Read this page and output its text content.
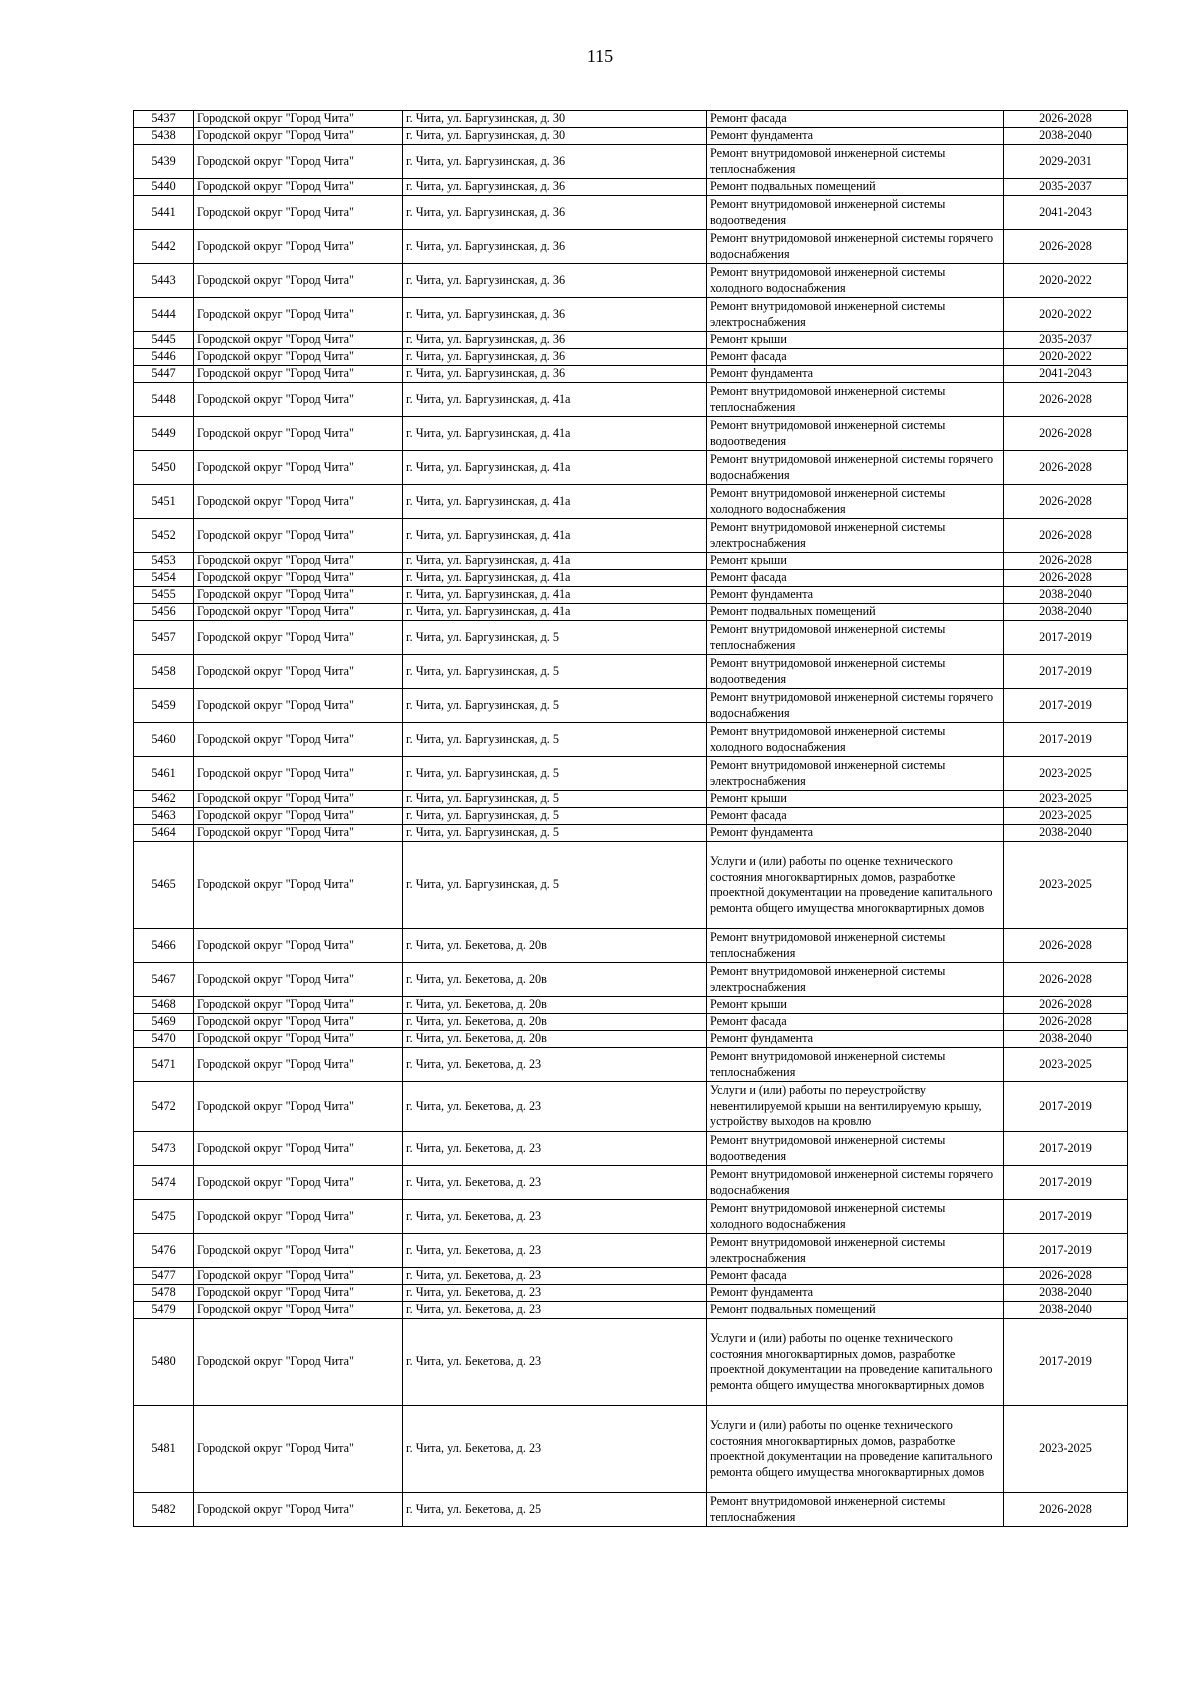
115
5437	Городской округ "Город Чита"	г. Чита, ул. Баргузинская, д. 30	Ремонт фасада	2026-2028
5438	Городской округ "Город Чита"	г. Чита, ул. Баргузинская, д. 30	Ремонт фундамента	2038-2040
5439	Городской округ "Город Чита"	г. Чита, ул. Баргузинская, д. 36	Ремонт внутридомовой инженерной системы теплоснабжения	2029-2031
5440	Городской округ "Город Чита"	г. Чита, ул. Баргузинская, д. 36	Ремонт подвальных помещений	2035-2037
5441	Городской округ "Город Чита"	г. Чита, ул. Баргузинская, д. 36	Ремонт внутридомовой инженерной системы водоотведения	2041-2043
5442	Городской округ "Город Чита"	г. Чита, ул. Баргузинская, д. 36	Ремонт внутридомовой инженерной системы горячего водоснабжения	2026-2028
5443	Городской округ "Город Чита"	г. Чита, ул. Баргузинская, д. 36	Ремонт внутридомовой инженерной системы холодного водоснабжения	2020-2022
5444	Городской округ "Город Чита"	г. Чита, ул. Баргузинская, д. 36	Ремонт внутридомовой инженерной системы электроснабжения	2020-2022
5445	Городской округ "Город Чита"	г. Чита, ул. Баргузинская, д. 36	Ремонт крыши	2035-2037
5446	Городской округ "Город Чита"	г. Чита, ул. Баргузинская, д. 36	Ремонт фасада	2020-2022
5447	Городской округ "Город Чита"	г. Чита, ул. Баргузинская, д. 36	Ремонт фундамента	2041-2043
5448	Городской округ "Город Чита"	г. Чита, ул. Баргузинская, д. 41а	Ремонт внутридомовой инженерной системы теплоснабжения	2026-2028
5449	Городской округ "Город Чита"	г. Чита, ул. Баргузинская, д. 41а	Ремонт внутридомовой инженерной системы водоотведения	2026-2028
5450	Городской округ "Город Чита"	г. Чита, ул. Баргузинская, д. 41а	Ремонт внутридомовой инженерной системы горячего водоснабжения	2026-2028
5451	Городской округ "Город Чита"	г. Чита, ул. Баргузинская, д. 41а	Ремонт внутридомовой инженерной системы холодного водоснабжения	2026-2028
5452	Городской округ "Город Чита"	г. Чита, ул. Баргузинская, д. 41а	Ремонт внутридомовой инженерной системы электроснабжения	2026-2028
5453	Городской округ "Город Чита"	г. Чита, ул. Баргузинская, д. 41а	Ремонт крыши	2026-2028
5454	Городской округ "Город Чита"	г. Чита, ул. Баргузинская, д. 41а	Ремонт фасада	2026-2028
5455	Городской округ "Город Чита"	г. Чита, ул. Баргузинская, д. 41а	Ремонт фундамента	2038-2040
5456	Городской округ "Город Чита"	г. Чита, ул. Баргузинская, д. 41а	Ремонт подвальных помещений	2038-2040
5457	Городской округ "Город Чита"	г. Чита, ул. Баргузинская, д. 5	Ремонт внутридомовой инженерной системы теплоснабжения	2017-2019
5458	Городской округ "Город Чита"	г. Чита, ул. Баргузинская, д. 5	Ремонт внутридомовой инженерной системы водоотведения	2017-2019
5459	Городской округ "Город Чита"	г. Чита, ул. Баргузинская, д. 5	Ремонт внутридомовой инженерной системы горячего водоснабжения	2017-2019
5460	Городской округ "Город Чита"	г. Чита, ул. Баргузинская, д. 5	Ремонт внутридомовой инженерной системы холодного водоснабжения	2017-2019
5461	Городской округ "Город Чита"	г. Чита, ул. Баргузинская, д. 5	Ремонт внутридомовой инженерной системы электроснабжения	2023-2025
5462	Городской округ "Город Чита"	г. Чита, ул. Баргузинская, д. 5	Ремонт крыши	2023-2025
5463	Городской округ "Город Чита"	г. Чита, ул. Баргузинская, д. 5	Ремонт фасада	2023-2025
5464	Городской округ "Город Чита"	г. Чита, ул. Баргузинская, д. 5	Ремонт фундамента	2038-2040
5465	Городской округ "Город Чита"	г. Чита, ул. Баргузинская, д. 5	Услуги и (или) работы по оценке технического состояния многоквартирных домов, разработке проектной документации на проведение капитального ремонта общего имущества многоквартирных домов	2023-2025
5466	Городской округ "Город Чита"	г. Чита, ул. Бекетова, д. 20в	Ремонт внутридомовой инженерной системы теплоснабжения	2026-2028
5467	Городской округ "Город Чита"	г. Чита, ул. Бекетова, д. 20в	Ремонт внутридомовой инженерной системы электроснабжения	2026-2028
5468	Городской округ "Город Чита"	г. Чита, ул. Бекетова, д. 20в	Ремонт крыши	2026-2028
5469	Городской округ "Город Чита"	г. Чита, ул. Бекетова, д. 20в	Ремонт фасада	2026-2028
5470	Городской округ "Город Чита"	г. Чита, ул. Бекетова, д. 20в	Ремонт фундамента	2038-2040
5471	Городской округ "Город Чита"	г. Чита, ул. Бекетова, д. 23	Ремонт внутридомовой инженерной системы теплоснабжения	2023-2025
5472	Городской округ "Город Чита"	г. Чита, ул. Бекетова, д. 23	Услуги и (или) работы по переустройству невентилируемой крыши на вентилируемую крышу, устройству выходов на кровлю	2017-2019
5473	Городской округ "Город Чита"	г. Чита, ул. Бекетова, д. 23	Ремонт внутридомовой инженерной системы водоотведения	2017-2019
5474	Городской округ "Город Чита"	г. Чита, ул. Бекетова, д. 23	Ремонт внутридомовой инженерной системы горячего водоснабжения	2017-2019
5475	Городской округ "Город Чита"	г. Чита, ул. Бекетова, д. 23	Ремонт внутридомовой инженерной системы холодного водоснабжения	2017-2019
5476	Городской округ "Город Чита"	г. Чита, ул. Бекетова, д. 23	Ремонт внутридомовой инженерной системы электроснабжения	2017-2019
5477	Городской округ "Город Чита"	г. Чита, ул. Бекетова, д. 23	Ремонт фасада	2026-2028
5478	Городской округ "Город Чита"	г. Чита, ул. Бекетова, д. 23	Ремонт фундамента	2038-2040
5479	Городской округ "Город Чита"	г. Чита, ул. Бекетова, д. 23	Ремонт подвальных помещений	2038-2040
5480	Городской округ "Город Чита"	г. Чита, ул. Бекетова, д. 23	Услуги и (или) работы по оценке технического состояния многоквартирных домов, разработке проектной документации на проведение капитального ремонта общего имущества многоквартирных домов	2017-2019
5481	Городской округ "Город Чита"	г. Чита, ул. Бекетова, д. 23	Услуги и (или) работы по оценке технического состояния многоквартирных домов, разработке проектной документации на проведение капитального ремонта общего имущества многоквартирных домов	2023-2025
5482	Городской округ "Город Чита"	г. Чита, ул. Бекетова, д. 25	Ремонт внутридомовой инженерной системы теплоснабжения	2026-2028
